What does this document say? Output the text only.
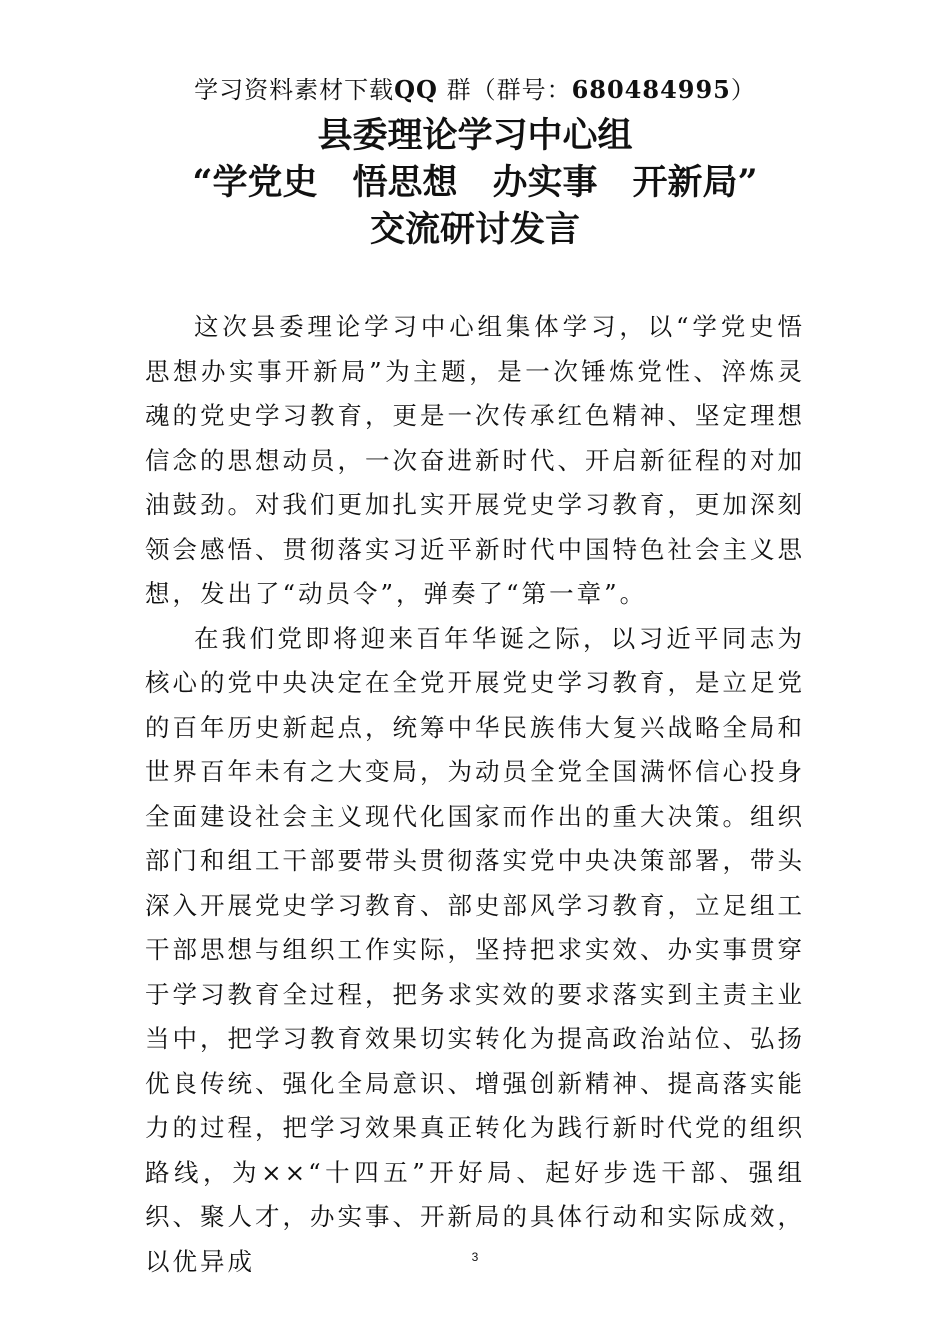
学习资料素材下载QQ 群（群号：680484995）
县委理论学习中心组
“学党史　悟思想　办实事　开新局”
交流研讨发言

这次县委理论学习中心组集体学习，以“学党史悟思想办实事开新局”为主题，是一次锤炼党性、淬炼灵魂的党史学习教育，更是一次传承红色精神、坚定理想信念的思想动员，一次奋进新时代、开启新征程的对加油鼓劲。对我们更加扎实开展党史学习教育，更加深刻领会感悟、贯彻落实习近平新时代中国特色社会主义思想，发出了“动员令”，弹奏了“第一章”。

在我们党即将迎来百年华诞之际，以习近平同志为核心的党中央决定在全党开展党史学习教育，是立足党的百年历史新起点，统筹中华民族伟大复兴战略全局和世界百年未有之大变局，为动员全党全国满怀信心投身全面建设社会主义现代化国家而作出的重大决策。组织部门和组工干部要带头贯彻落实党中央决策部署，带头深入开展党史学习教育、部史部风学习教育，立足组工干部思想与组织工作实际，坚持把求实效、办实事贯穿于学习教育全过程，把务求实效的要求落实到主责主业当中，把学习教育效果切实转化为提高政治站位、弘扬优良传统、强化全局意识、增强创新精神、提高落实能力的过程，把学习效果真正转化为践行新时代党的组织路线，为××“十四五”开好局、起好步选干部、强组织、聚人才，办实事、开新局的具体行动和实际成效，以优异成	3
